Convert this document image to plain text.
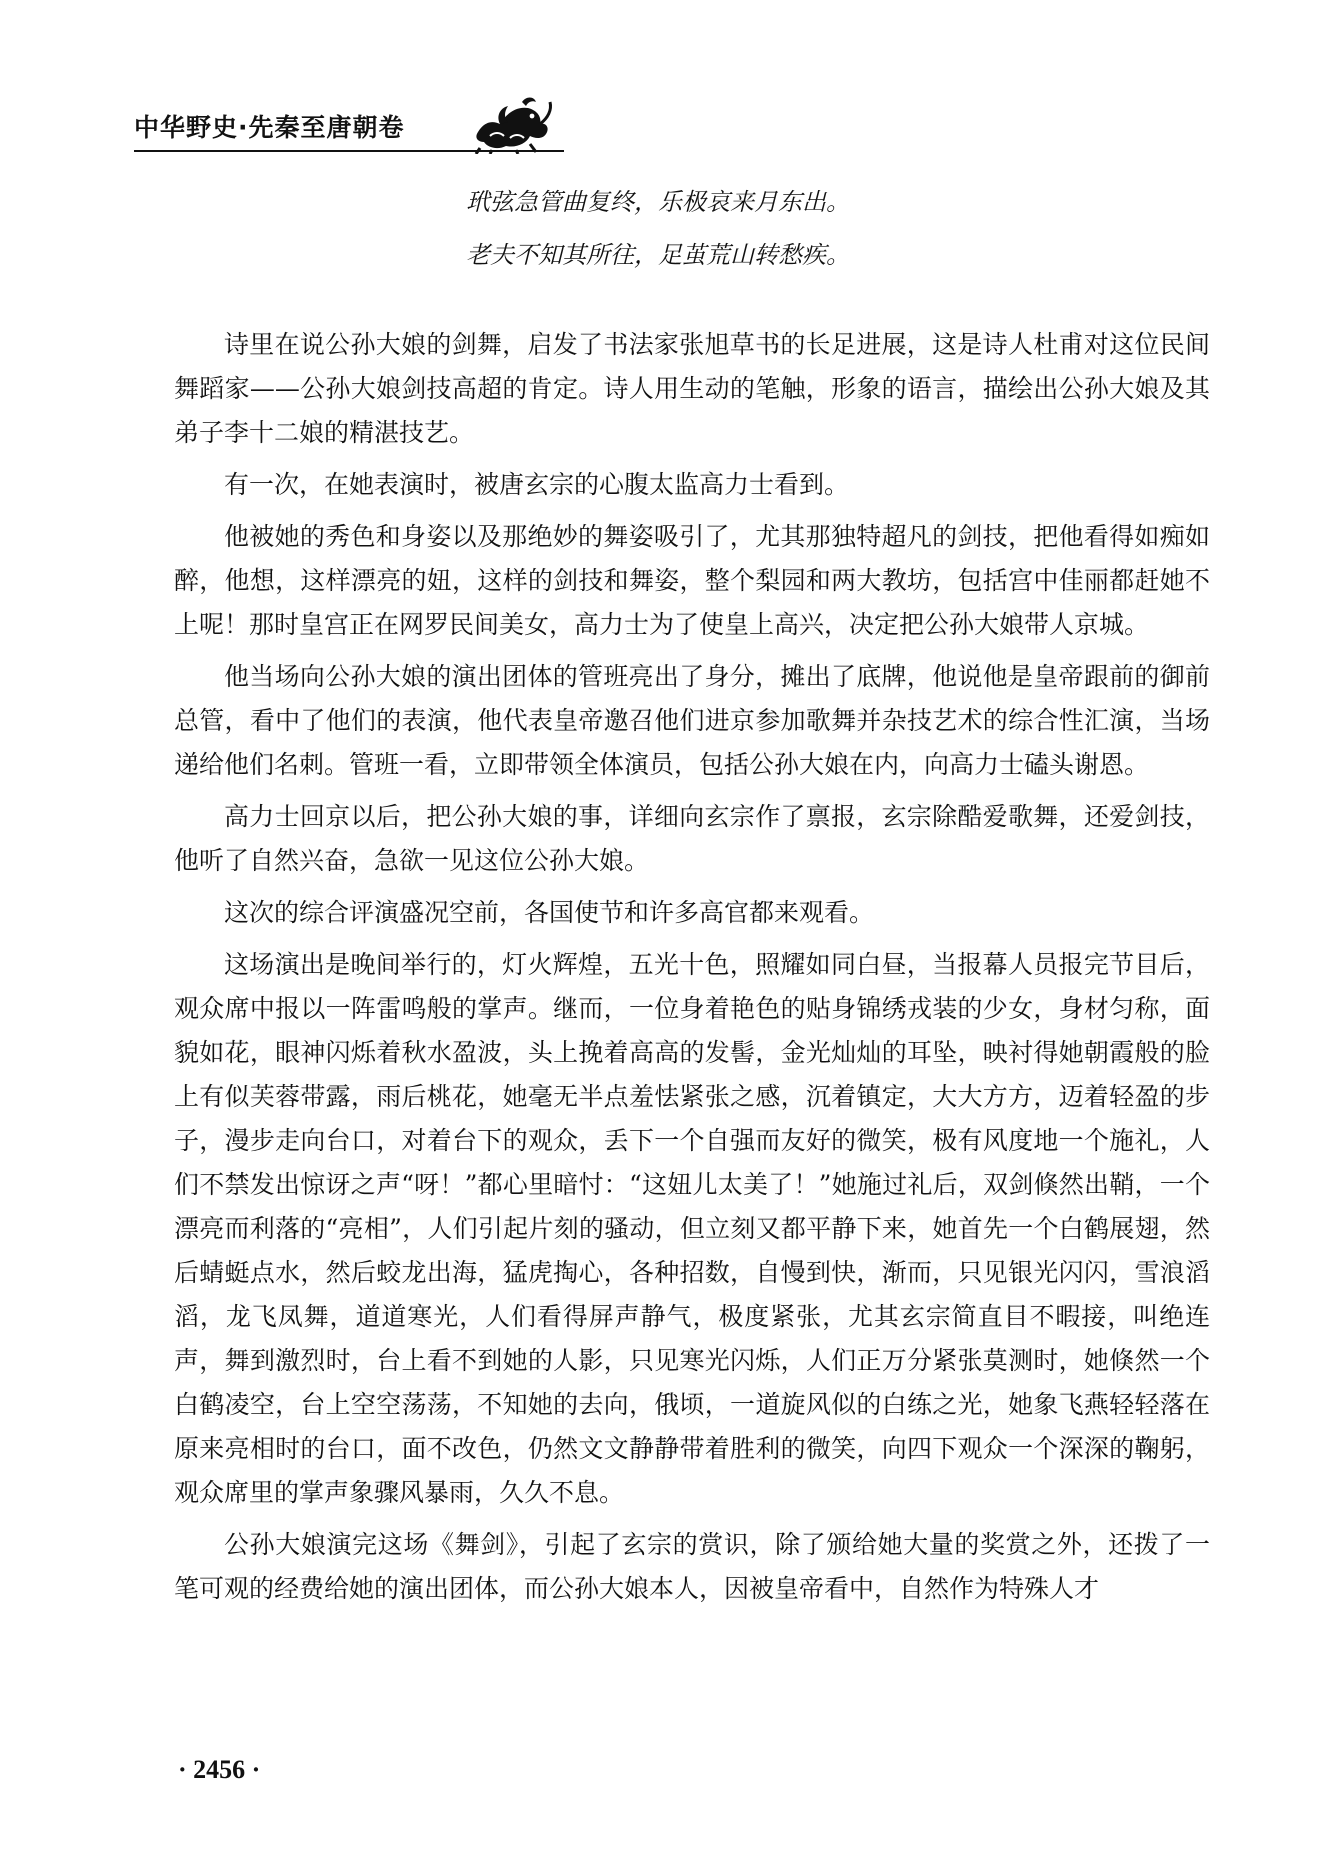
中华野史·先秦至唐朝卷
玳弦急管曲复终，乐极哀来月东出。
老夫不知其所往，足茧荒山转愁疾。

诗里在说公孙大娘的剑舞，启发了书法家张旭草书的长足进展，这是诗人杜甫对这位民间舞蹈家——公孙大娘剑技高超的肯定。诗人用生动的笔触，形象的语言，描绘出公孙大娘及其弟子李十二娘的精湛技艺。

有一次，在她表演时，被唐玄宗的心腹太监高力士看到。

他被她的秀色和身姿以及那绝妙的舞姿吸引了，尤其那独特超凡的剑技，把他看得如痴如醉，他想，这样漂亮的妞，这样的剑技和舞姿，整个梨园和两大教坊，包括宫中佳丽都赶她不上呢！那时皇宫正在网罗民间美女，高力士为了使皇上高兴，决定把公孙大娘带人京城。

他当场向公孙大娘的演出团体的管班亮出了身分，摊出了底牌，他说他是皇帝跟前的御前总管，看中了他们的表演，他代表皇帝邀召他们进京参加歌舞并杂技艺术的综合性汇演，当场递给他们名刺。管班一看，立即带领全体演员，包括公孙大娘在内，向高力士磕头谢恩。

高力士回京以后，把公孙大娘的事，详细向玄宗作了禀报，玄宗除酷爱歌舞，还爱剑技，他听了自然兴奋，急欲一见这位公孙大娘。

这次的综合评演盛况空前，各国使节和许多高官都来观看。

这场演出是晚间举行的，灯火辉煌，五光十色，照耀如同白昼，当报幕人员报完节目后，观众席中报以一阵雷鸣般的掌声。继而，一位身着艳色的贴身锦绣戎装的少女，身材匀称，面貌如花，眼神闪烁着秋水盈波，头上挽着高高的发髻，金光灿灿的耳坠，映衬得她朝霞般的脸上有似芙蓉带露，雨后桃花，她毫无半点羞怯紧张之感，沉着镇定，大大方方，迈着轻盈的步子，漫步走向台口，对着台下的观众，丢下一个自强而友好的微笑，极有风度地一个施礼，人们不禁发出惊讶之声“呀！”都心里暗忖：“这妞儿太美了！”她施过礼后，双剑倏然出鞘，一个漂亮而利落的“亮相”，人们引起片刻的骚动，但立刻又都平静下来，她首先一个白鹤展翅，然后蜻蜓点水，然后蛟龙出海，猛虎掏心，各种招数，自慢到快，渐而，只见银光闪闪，雪浪滔滔，龙飞凤舞，道道寒光，人们看得屏声静气，极度紧张，尤其玄宗简直目不暇接，叫绝连声，舞到激烈时，台上看不到她的人影，只见寒光闪烁，人们正万分紧张莫测时，她倏然一个白鹤凌空，台上空空荡荡，不知她的去向，俄顷，一道旋风似的白练之光，她象飞燕轻轻落在原来亮相时的台口，面不改色，仍然文文静静带着胜利的微笑，向四下观众一个深深的鞠躬，观众席里的掌声象骤风暴雨，久久不息。

公孙大娘演完这场《舞剑》，引起了玄宗的赏识，除了颁给她大量的奖赏之外，还拨了一笔可观的经费给她的演出团体，而公孙大娘本人，因被皇帝看中，自然作为特殊人才

· 2456 ·
